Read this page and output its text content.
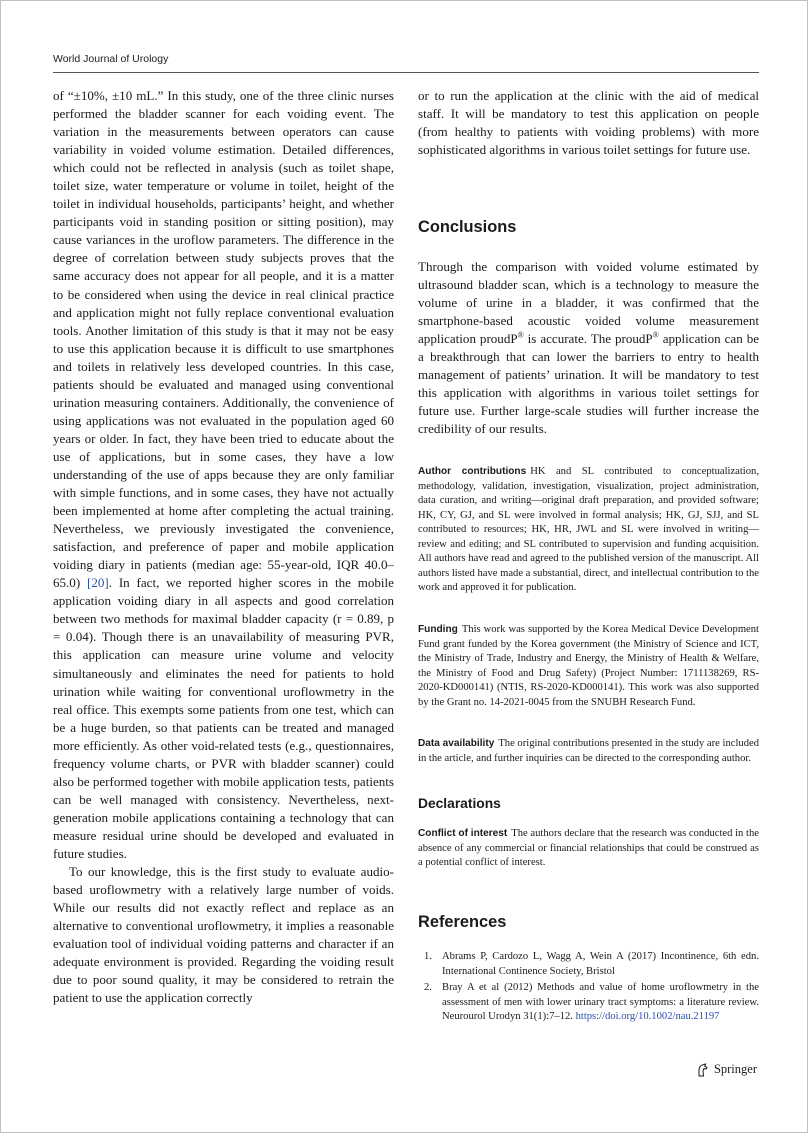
World Journal of Urology

of “±10%, ±10 mL.” In this study, one of the three clinic nurses performed the bladder scanner for each voiding event. The variation in the measurements between operators can cause variability in voided volume estimation. Detailed differences, which could not be reflected in analysis (such as toilet shape, toilet size, water temperature or volume in toilet, height of the toilet in individual households, participants’ height, and whether participants void in standing position or sitting position), may cause variances in the uroflow parameters. The difference in the degree of correlation between study subjects proves that the same accuracy does not appear for all people, and it is a matter to be considered when using the device in real clinical practice and application might not fully replace conventional evaluation tools. Another limitation of this study is that it may not be easy to use this application because it is difficult to use smartphones and toilets in relatively less developed countries. In this case, patients should be evaluated and managed using conventional urination measuring containers. Additionally, the convenience of using applications was not evaluated in the population aged 60 years or older. In fact, they have been tried to educate about the use of applications, but in some cases, they have a low understanding of the use of apps because they are only familiar with simple functions, and in some cases, they have not actually been implemented at home after completing the actual training. Nevertheless, we previously investigated the convenience, satisfaction, and preference of paper and mobile application voiding diary in patients (median age: 55-year-old, IQR 40.0–65.0) [20]. In fact, we reported higher scores in the mobile application voiding diary in all aspects and good correlation between two methods for maximal bladder capacity (r = 0.89, p = 0.04). Though there is an unavailability of measuring PVR, this application can measure urine volume and velocity simultaneously and eliminates the need for patients to hold urination while waiting for conventional uroflowmetry in the real office. This exempts some patients from one test, which can be a huge burden, so that patients can be treated and managed more efficiently. As other void-related tests (e.g., questionnaires, frequency volume charts, or PVR with bladder scanner) could also be performed together with mobile application tests, patients can be well managed with consistency. Nevertheless, next-generation mobile applications containing a technology that can measure residual urine should be developed and evaluated in future studies.

To our knowledge, this is the first study to evaluate audio-based uroflowmetry with a relatively large number of voids. While our results did not exactly reflect and replace as an alternative to conventional uroflowmetry, it implies a reasonable evaluation tool of individual voiding patterns and character if an adequate environment is provided. Regarding the voiding result due to poor sound quality, it may be considered to retrain the patient to use the application correctly

or to run the application at the clinic with the aid of medical staff. It will be mandatory to test this application on people (from healthy to patients with voiding problems) with more sophisticated algorithms in various toilet settings for future use.

Conclusions

Through the comparison with voided volume estimated by ultrasound bladder scan, which is a technology to measure the volume of urine in a bladder, it was confirmed that the smartphone-based acoustic voided volume measurement application proudP® is accurate. The proudP® application can be a breakthrough that can lower the barriers to entry to health management of patients’ urination. It will be mandatory to test this application with algorithms in various toilet settings for future use. Further large-scale studies will further increase the credibility of our results.

Author contributions HK and SL contributed to conceptualization, methodology, validation, investigation, visualization, project administration, data curation, and writing—original draft preparation, and provided software; HK, CY, GJ, and SL were involved in formal analysis; HK, GJ, SJJ, and SL contributed to resources; HK, HR, JWL and SL were involved in writing—review and editing; and SL contributed to supervision and funding acquisition. All authors have read and agreed to the published version of the manuscript. All authors listed have made a substantial, direct, and intellectual contribution to the work and approved it for publication.
Funding This work was supported by the Korea Medical Device Development Fund grant funded by the Korea government (the Ministry of Science and ICT, the Ministry of Trade, Industry and Energy, the Ministry of Health & Welfare, the Ministry of Food and Drug Safety) (Project Number: 1711138269, RS-2020-KD000141) (NTIS, RS-2020-KD000141). This work was also supported by the Grant no. 14-2021-0045 from the SNUBH Research Fund.
Data availability The original contributions presented in the study are included in the article, and further inquiries can be directed to the corresponding author.
Declarations
Conflict of interest The authors declare that the research was conducted in the absence of any commercial or financial relationships that could be construed as a potential conflict of interest.
References
1. Abrams P, Cardozo L, Wagg A, Wein A (2017) Incontinence, 6th edn. International Continence Society, Bristol
2. Bray A et al (2012) Methods and value of home uroflowmetry in the assessment of men with lower urinary tract symptoms: a literature review. Neurourol Urodyn 31(1):7–12. https://doi.org/10.1002/nau.21197
Springer
